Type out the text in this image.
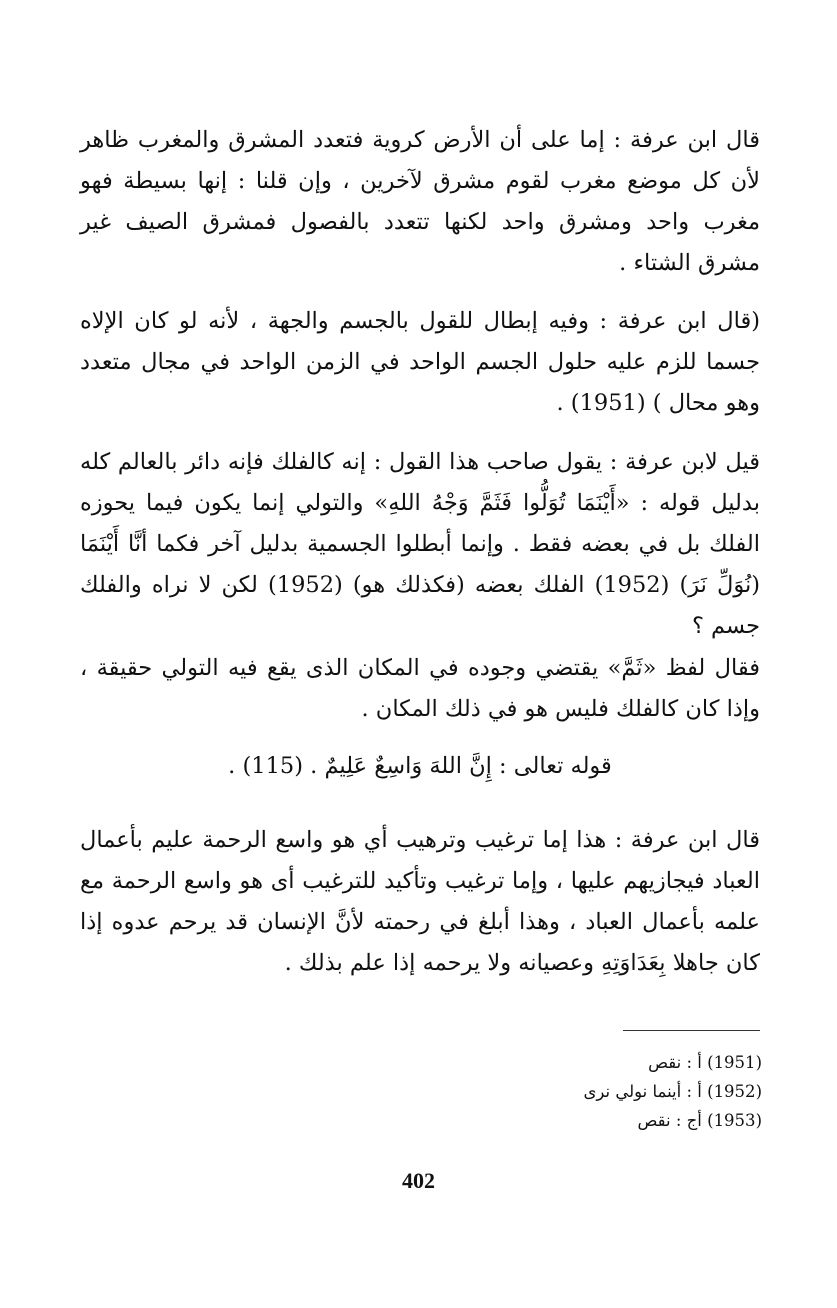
قال ابن عرفة : إما على أن الأرض كروية فتعدد المشرق والمغرب ظاهر لأن كل موضع مغرب لقوم مشرق لآخرين ، وإن قلنا : إنها بسيطة فهو مغرب واحد ومشرق واحد لكنها تتعدد بالفصول فمشرق الصيف غير مشرق الشتاء .

(قال ابن عرفة : وفيه إبطال للقول بالجسم والجهة ، لأنه لو كان الإلاه جسما للزم عليه حلول الجسم الواحد في الزمن الواحد في مجال متعدد وهو محال ) (1951) .

قيل لابن عرفة : يقول صاحب هذا القول : إنه كالفلك فإنه دائر بالعالم كله بدليل قوله : «أَيْنَمَا تُوَلُّوا فَثَمَّ وَجْهُ اللهِ» والتولي إنما يكون فيما يحوزه الفلك بل في بعضه فقط . وإنما أبطلوا الجسمية بدليل آخر فكما أنَّا أَيْنَمَا (نُوَلِّ نَرَ) (1952) الفلك بعضه (فكذلك هو) (1952) لكن لا نراه والفلك جسم ؟

فقال لفظ «ثَمَّ» يقتضي وجوده في المكان الذى يقع فيه التولي حقيقة ، وإذا كان كالفلك فليس هو في ذلك المكان .

قوله تعالى : إِنَّ اللهَ وَاسِعٌ عَلِيمٌ . (115) .

قال ابن عرفة : هذا إما ترغيب وترهيب أي هو واسع الرحمة عليم بأعمال العباد فيجازيهم عليها ، وإما ترغيب وتأكيد للترغيب أى هو واسع الرحمة مع علمه بأعمال العباد ، وهذا أبلغ في رحمته لأنَّ الإنسان قد يرحم عدوه إذا كان جاهلا بِعَدَاوَتِهِ وعصيانه ولا يرحمه إذا علم بذلك .

(1951) أ : نقص
(1952) أ : أينما نولي نرى
(1953) أج : نقص
402
